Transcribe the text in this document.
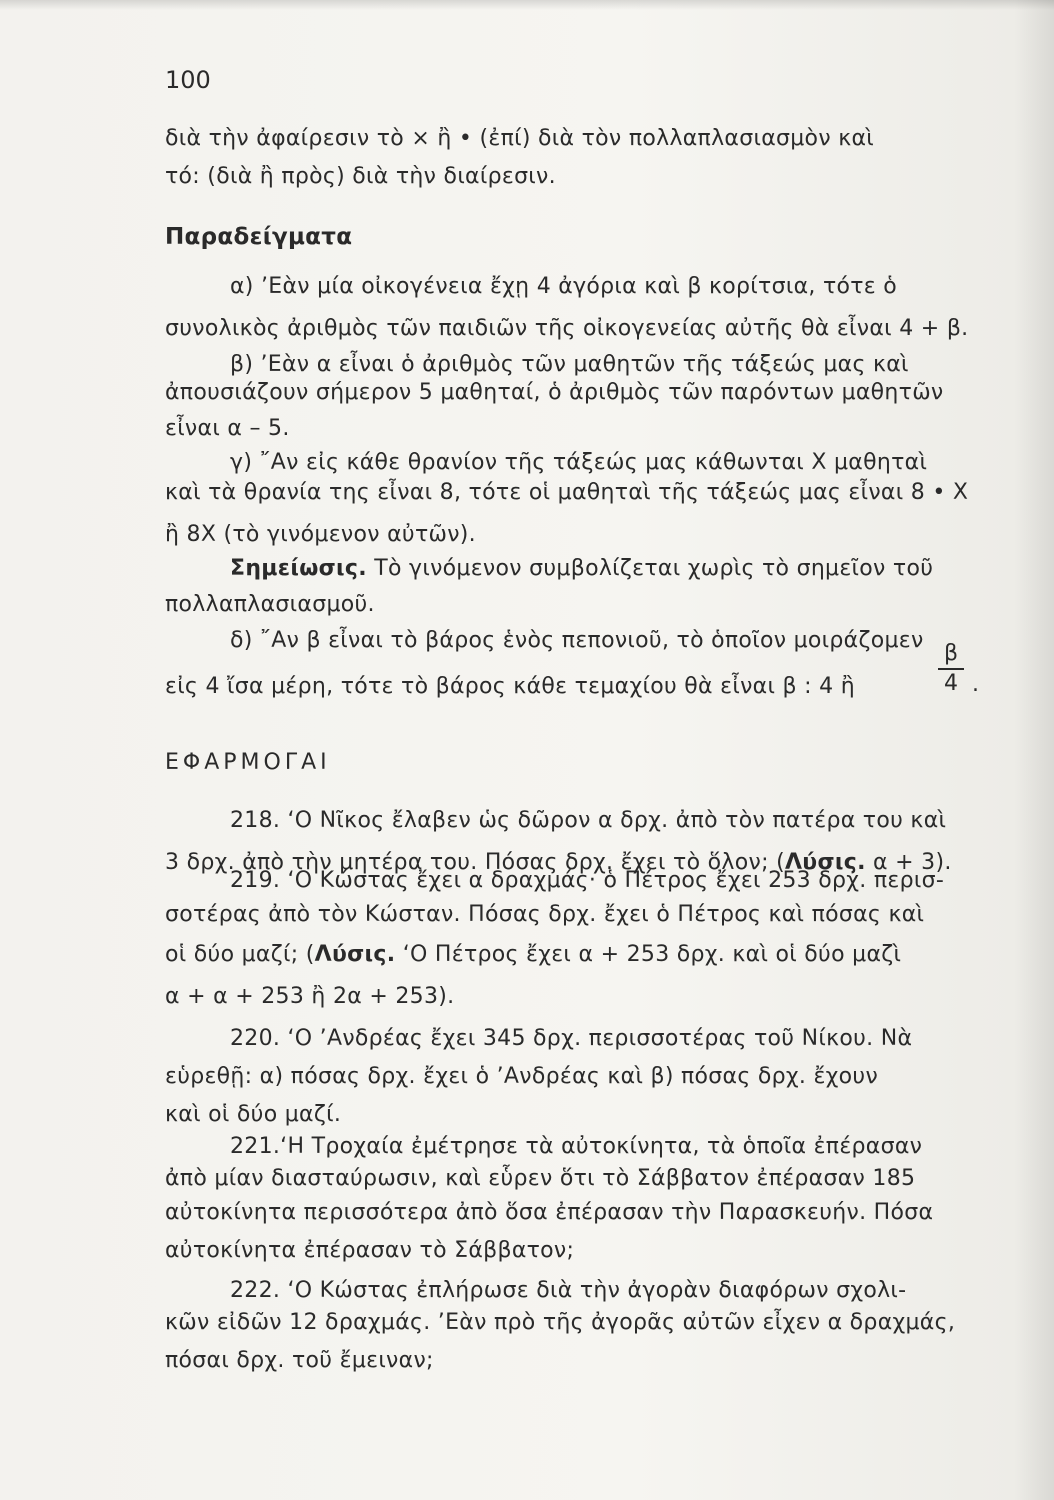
100
διὰ τὴν ἀφαίρεσιν τὸ × ἢ • (ἐπί) διὰ τὸν πολλαπλασιασμὸν καὶ
τό: (διὰ ἢ πρὸς) διὰ τὴν διαίρεσιν.
Παραδείγματα
α) ’Εὰν μία οἰκογένεια ἔχῃ 4 ἀγόρια καὶ β κορίτσια, τότε ὁ
συνολικὸς ἀριθμὸς τῶν παιδιῶν τῆς οἰκογενείας αὐτῆς θὰ εἶναι 4 + β.
β) ’Εὰν α εἶναι ὁ ἀριθμὸς τῶν μαθητῶν τῆς τάξεώς μας καὶ
ἀπουσιάζουν σήμερον 5 μαθηταί, ὁ ἀριθμὸς τῶν παρόντων μαθητῶν
εἶναι α – 5.
γ) ῎Αν εἰς κάθε θρανίον τῆς τάξεώς μας κάθωνται Χ μαθηταὶ
καὶ τὰ θρανία της εἶναι 8, τότε οἱ μαθηταὶ τῆς τάξεώς μας εἶναι 8 • Χ
ἢ 8Χ (τὸ γινόμενον αὐτῶν).
Σημείωσις. Τὸ γινόμενον συμβολίζεται χωρὶς τὸ σημεῖον τοῦ
πολλαπλασιασμοῦ.
δ) ῎Αν β εἶναι τὸ βάρος ἑνὸς πεπονιοῦ, τὸ ὁποῖον μοιράζομεν
εἰς 4 ἴσα μέρη, τότε τὸ βάρος κάθε τεμαχίου θὰ εἶναι β : 4 ἢ
β
4 .
ΕΦΑΡΜΟΓΑΙ
218. ‘Ο Νῖκος ἔλαβεν ὡς δῶρον α δρχ. ἀπὸ τὸν πατέρα του καὶ
3 δρχ. ἀπὸ τὴν μητέρα του. Πόσας δρχ. ἔχει τὸ ὅλον; (Λύσις. α + 3).
219. ‘Ο Κώστας ἔχει α δραχμάς· ὁ Πέτρος ἔχει 253 δρχ. περισ-
σοτέρας ἀπὸ τὸν Κώσταν. Πόσας δρχ. ἔχει ὁ Πέτρος καὶ πόσας καὶ
οἱ δύο μαζί; (Λύσις. ‘Ο Πέτρος ἔχει α + 253 δρχ. καὶ οἱ δύο μαζὶ
α + α + 253 ἢ 2α + 253).
220. ‘Ο ’Ανδρέας ἔχει 345 δρχ. περισσοτέρας τοῦ Νίκου. Νὰ
εὑρεθῇ: α) πόσας δρχ. ἔχει ὁ ’Ανδρέας καὶ β) πόσας δρχ. ἔχουν
καὶ οἱ δύο μαζί.
221.‘Η Τροχαία ἐμέτρησε τὰ αὐτοκίνητα, τὰ ὁποῖα ἐπέρασαν
ἀπὸ μίαν διασταύρωσιν, καὶ εὗρεν ὅτι τὸ Σάββατον ἐπέρασαν 185
αὐτοκίνητα περισσότερα ἀπὸ ὅσα ἐπέρασαν τὴν Παρασκευήν. Πόσα
αὐτοκίνητα ἐπέρασαν τὸ Σάββατον;
222. ‘Ο Κώστας ἐπλήρωσε διὰ τὴν ἀγορὰν διαφόρων σχολι-
κῶν εἰδῶν 12 δραχμάς. ’Εὰν πρὸ τῆς ἀγορᾶς αὐτῶν εἶχεν α δραχμάς,
πόσαι δρχ. τοῦ ἔμειναν;
